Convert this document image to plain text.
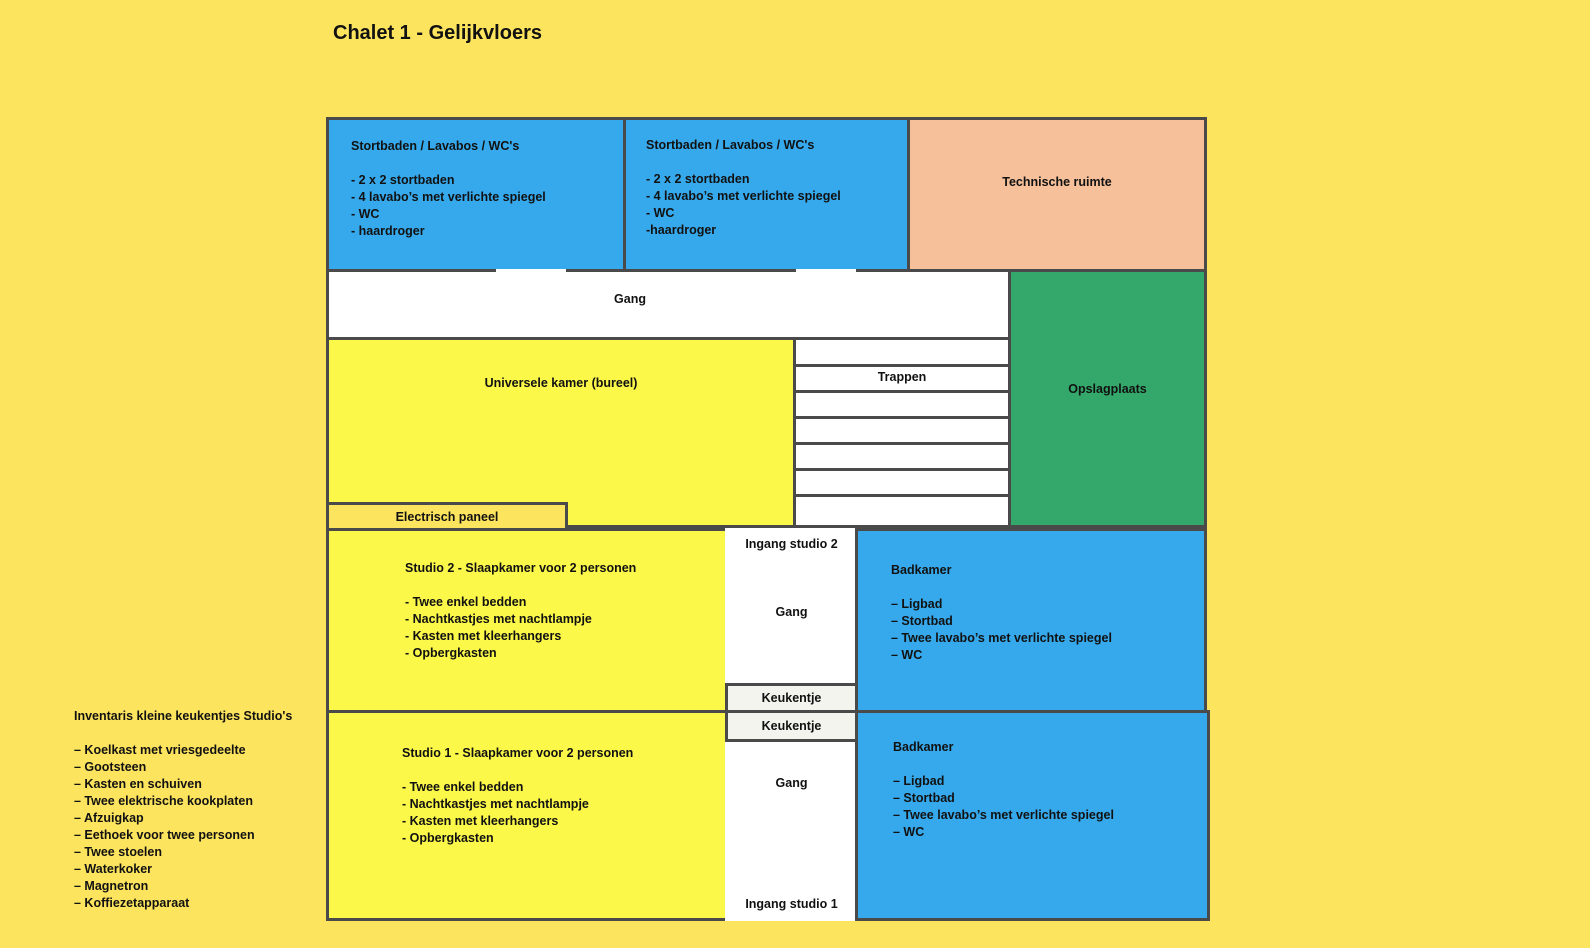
Chalet 1 - Gelijkvloers
Stortbaden / Lavabos / WC's
- 2 x 2 stortbaden
- 4 lavabo’s met verlichte spiegel
- WC
- haardroger
Stortbaden / Lavabos / WC's
- 2 x 2 stortbaden
- 4 lavabo’s met verlichte spiegel
- WC
-haardroger
Technische ruimte
Gang
Opslagplaats
Universele kamer (bureel)	Trappen
Electrisch paneel
Studio 2 - Slaapkamer voor 2 personen
- Twee enkel bedden
- Nachtkastjes met nachtlampje
- Kasten met kleerhangers
- Opbergkasten
Studio 1 - Slaapkamer voor 2 personen
- Twee enkel bedden
- Nachtkastjes met nachtlampje
- Kasten met kleerhangers
- Opbergkasten
Ingang studio 2
Gang
Keukentje
Keukentje
Gang
Ingang studio 1
Badkamer
– Ligbad
– Stortbad
– Twee lavabo’s met verlichte spiegel
– WC
Badkamer
– Ligbad
– Stortbad
– Twee lavabo’s met verlichte spiegel
– WC
Inventaris kleine keukentjes Studio's
– Koelkast met vriesgedeelte
– Gootsteen
– Kasten en schuiven
– Twee elektrische kookplaten
– Afzuigkap
– Eethoek voor twee personen
– Twee stoelen
– Waterkoker
– Magnetron
– Koffiezetapparaat
